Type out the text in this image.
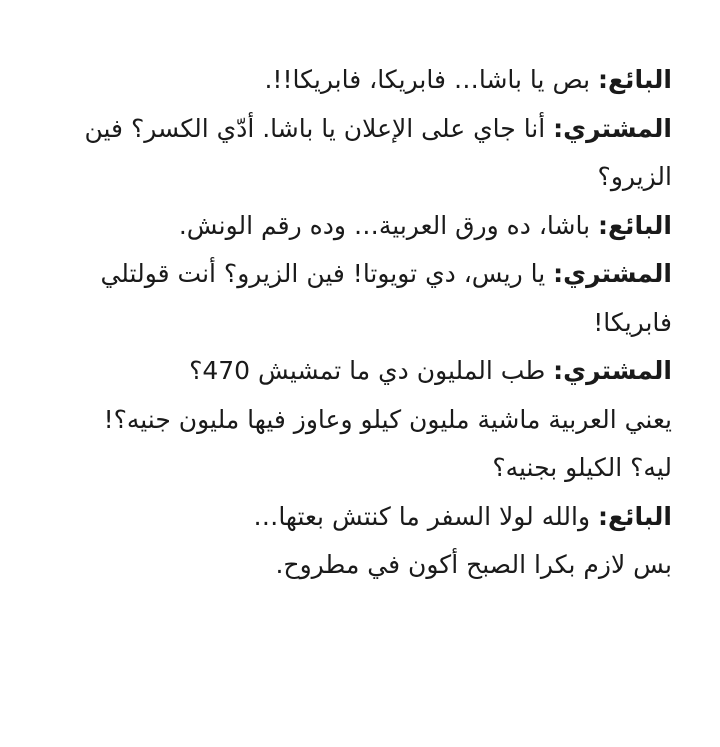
البائع: بص يا باشا… فابريكا، فابريكا!!.

المشتري: أنا جاي على الإعلان يا باشا. أدّي الكسر؟ فين الزيرو؟

البائع: باشا، ده ورق العربية… وده رقم الونش.

المشتري: يا ريس، دي تويوتا! فين الزيرو؟ أنت قولتلي فابريكا!

المشتري: طب المليون دي ما تمشيش 470؟

يعني العربية ماشية مليون كيلو وعاوز فيها مليون جنيه؟!

ليه؟ الكيلو بجنيه؟

البائع: والله لولا السفر ما كنتش بعتها…

بس لازم بكرا الصبح أكون في مطروح.
